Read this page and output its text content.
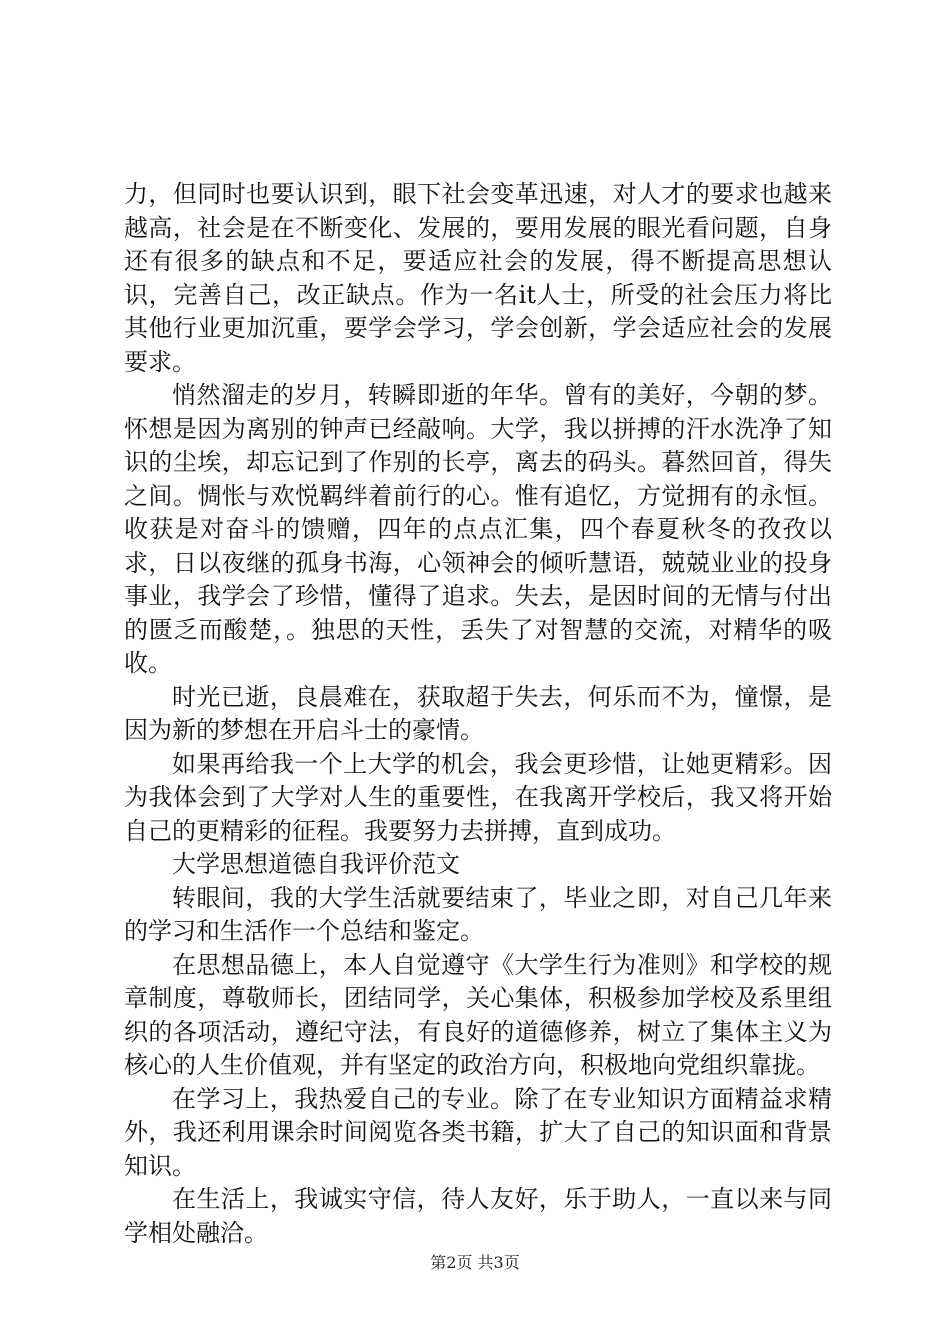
力，但同时也要认识到，眼下社会变革迅速，对人才的要求也越来越高，社会是在不断变化、发展的，要用发展的眼光看问题，自身还有很多的缺点和不足，要适应社会的发展，得不断提高思想认识，完善自己，改正缺点。作为一名it人士，所受的社会压力将比其他行业更加沉重，要学会学习，学会创新，学会适应社会的发展要求。

悄然溜走的岁月，转瞬即逝的年华。曾有的美好，今朝的梦。怀想是因为离别的钟声已经敲响。大学，我以拼搏的汗水洗净了知识的尘埃，却忘记到了作别的长亭，离去的码头。暮然回首，得失之间。惆怅与欢悦羁绊着前行的心。惟有追忆，方觉拥有的永恒。收获是对奋斗的馈赠，四年的点点汇集，四个春夏秋冬的孜孜以求，日以夜继的孤身书海，心领神会的倾听慧语，兢兢业业的投身事业，我学会了珍惜，懂得了追求。失去，是因时间的无情与付出的匮乏而酸楚，。独思的天性，丢失了对智慧的交流，对精华的吸收。

时光已逝，良晨难在，获取超于失去，何乐而不为，憧憬，是因为新的梦想在开启斗士的豪情。

如果再给我一个上大学的机会，我会更珍惜，让她更精彩。因为我体会到了大学对人生的重要性，在我离开学校后，我又将开始自己的更精彩的征程。我要努力去拼搏，直到成功。

大学思想道德自我评价范文

转眼间，我的大学生活就要结束了，毕业之即，对自己几年来的学习和生活作一个总结和鉴定。

在思想品德上，本人自觉遵守《大学生行为准则》和学校的规章制度，尊敬师长，团结同学，关心集体，积极参加学校及系里组织的各项活动，遵纪守法，有良好的道德修养，树立了集体主义为核心的人生价值观，并有坚定的政治方向，积极地向党组织靠拢。

在学习上，我热爱自己的专业。除了在专业知识方面精益求精外，我还利用课余时间阅览各类书籍，扩大了自己的知识面和背景知识。

在生活上，我诚实守信，待人友好，乐于助人，一直以来与同学相处融洽。

第2页 共3页
